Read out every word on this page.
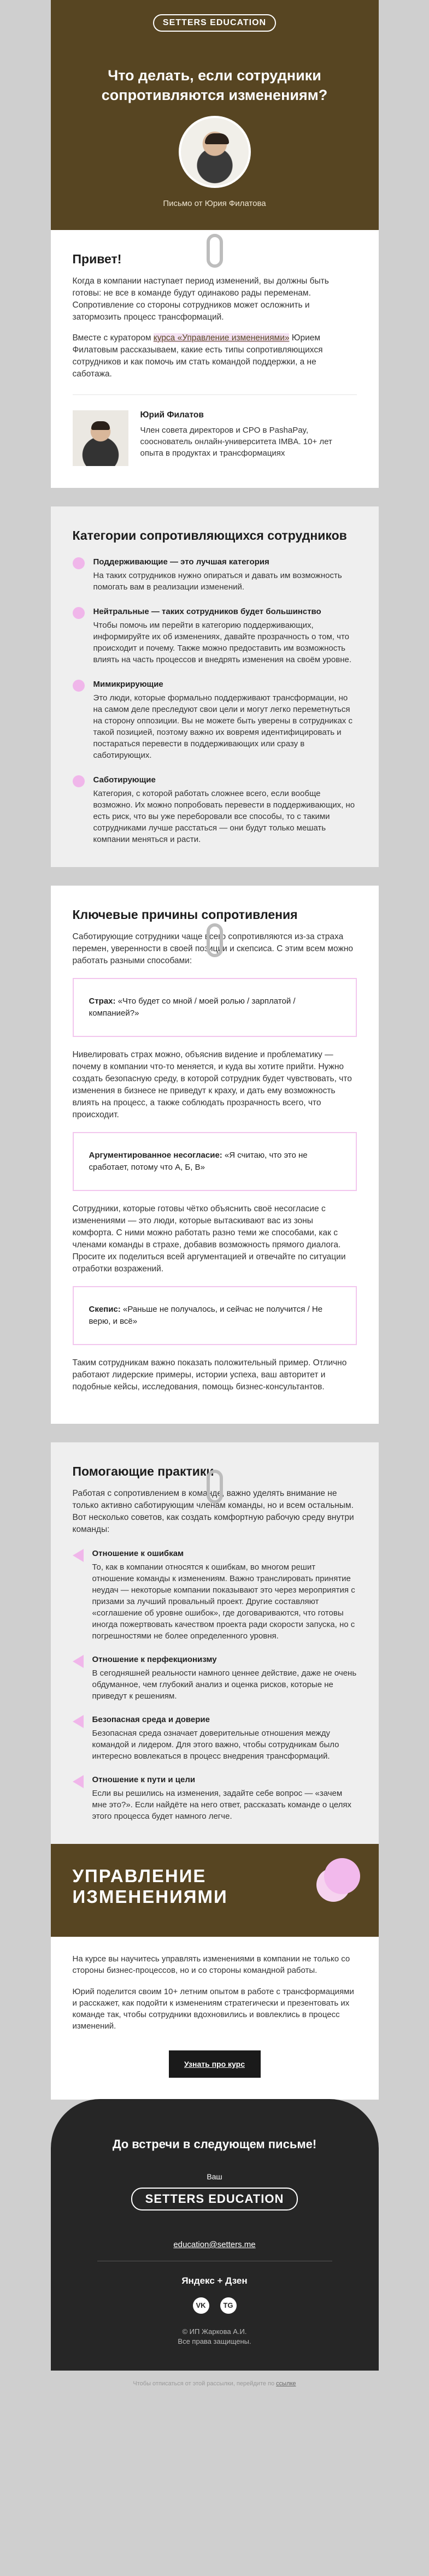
SETTERS EDUCATION
Что делать, если сотрудники сопротивляются изменениям?
Письмо от Юрия Филатова
Привет!

Когда в компании наступает период изменений, вы должны быть готовы: не все в команде будут одинаково рады переменам. Сопротивление со стороны сотрудников может осложнить и затормозить процесс трансформаций.

Вместе с куратором курса «Управление изменениями» Юрием Филатовым рассказываем, какие есть типы сопротивляющихся сотрудников и как помочь им стать командой поддержки, а не саботажа.

Юрий Филатов
Член совета директоров и CPO в PashaPay, сооснователь онлайн-университета IMBA. 10+ лет опыта в продуктах и трансформациях
Категории сопротивляющихся сотрудников
Поддерживающие — это лучшая категория
На таких сотрудников нужно опираться и давать им возможность помогать вам в реализации изменений.
Нейтральные — таких сотрудников будет большинство
Чтобы помочь им перейти в категорию поддерживающих, информируйте их об изменениях, давайте прозрачность о том, что происходит и почему. Также можно предоставить им возможность влиять на часть процессов и внедрять изменения на своём уровне.
Мимикрирующие
Это люди, которые формально поддерживают трансформации, но на самом деле преследуют свои цели и могут легко переметнуться на сторону оппозиции. Вы не можете быть уверены в сотрудниках с такой позицией, поэтому важно их вовремя идентифицировать и постараться перевести в поддерживающих или сразу в саботирующих.
Саботирующие
Категория, с которой работать сложнее всего, если вообще возможно. Их можно попробовать перевести в поддерживающих, но есть риск, что вы уже переборовали все способы, то с такими сотрудниками лучше расстаться — они будут только мешать компании меняться и расти.
Ключевые причины сопротивления

Саботирующие сотрудники чаще всего сопротивляются из-за страха перемен, уверенности в своей позиции и скепсиса. С этим всем можно работать разными способами:

Страх: «Что будет со мной / моей ролью / зарплатой / компанией?»

Нивелировать страх можно, объяснив видение и проблематику — почему в компании что-то меняется, и куда вы хотите прийти. Нужно создать безопасную среду, в которой сотрудник будет чувствовать, что изменения в бизнесе не приведут к краху, и дать ему возможность влиять на процесс, а также соблюдать прозрачность всего, что происходит.

Аргументированное несогласие: «Я считаю, что это не сработает, потому что А, Б, В»

Сотрудники, которые готовы чётко объяснить своё несогласие с изменениями — это люди, которые вытаскивают вас из зоны комфорта. С ними можно работать разно теми же способами, как с членами команды в страхе, добавив возможность прямого диалога. Просите их поделиться всей аргументацией и отвечайте по ситуации отработки возражений.

Скепис: «Раньше не получалось, и сейчас не получится / Не верю, и всё»

Таким сотрудникам важно показать положительный пример. Отлично работают лидерские примеры, истории успеха, ваш авторитет и подобные кейсы, исследования, помощь бизнес-консультантов.

Помогающие практики

Работая с сопротивлением в команде, важно уделять внимание не только активно саботирующим членам команды, но и всем остальным. Вот несколько советов, как создать комфортную рабочую среду внутри команды:

Отношение к ошибкам
То, как в компании относятся к ошибкам, во многом решит отношение команды к изменениям. Важно транслировать принятие неудач — некоторые компании показывают это через мероприятия с призами за лучший провальный проект. Другие составляют «соглашение об уровне ошибок», где договариваются, что готовы иногда пожертвовать качеством проекта ради скорости запуска, но с погрешностями не более определенного уровня.
Отношение к перфекционизму
В сегодняшней реальности намного ценнее действие, даже не очень обдуманное, чем глубокий анализ и оценка рисков, которые не приведут к решениям.
Безопасная среда и доверие
Безопасная среда означает доверительные отношения между командой и лидером. Для этого важно, чтобы сотрудникам было интересно вовлекаться в процесс внедрения трансформаций.
Отношение к пути и цели
Если вы решились на изменения, задайте себе вопрос — «зачем мне это?». Если найдёте на него ответ, рассказать команде о целях этого процесса будет намного легче.
УПРАВЛЕНИЕ ИЗМЕНЕНИЯМИ

На курсе вы научитесь управлять изменениями в компании не только со стороны бизнес-процессов, но и со стороны командной работы.

Юрий поделится своим 10+ летним опытом в работе с трансформациями и расскажет, как подойти к изменениям стратегически и презентовать их команде так, чтобы сотрудники вдохновились и вовлеклись в процесс изменений.

Узнать про курс
До встречи в следующем письме!
Ваш
SETTERS EDUCATION
education@setters.me
Яндекс + Дзен
VK	TG
© ИП Жаркова А.И.
Все права защищены.
Чтобы отписаться от этой рассылки, перейдите по ссылке
